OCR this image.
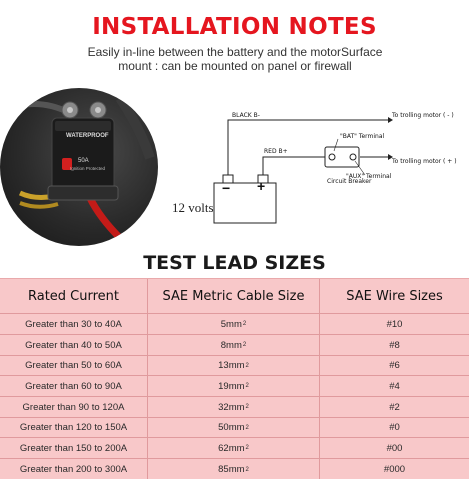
INSTALLATION NOTES
Easily in-line between the battery and the motorSurface
mount : can be mounted on panel or firewall
WATERPROOF
50A
Ignition Protected
BLACK B-
RED B+
"BAT" Terminal
"AUX" Terminal
Circuit Breaker
To trolling motor ( - )
To trolling motor ( + )
− +
12 volts
TEST LEAD SIZES
Rated Current	SAE Metric Cable Size	SAE Wire Sizes
Greater than 30 to 40A	5mm 2	#10
Greater than 40 to 50A	8mm 2	#8
Greater than 50 to 60A	13mm 2	#6
Greater than 60 to 90A	19mm 2	#4
Greater than 90 to 120A	32mm 2	#2
Greater than 120 to 150A	50mm 2	#0
Greater than 150 to 200A	62mm 2	#00
Greater than 200 to 300A	85mm 2	#000
